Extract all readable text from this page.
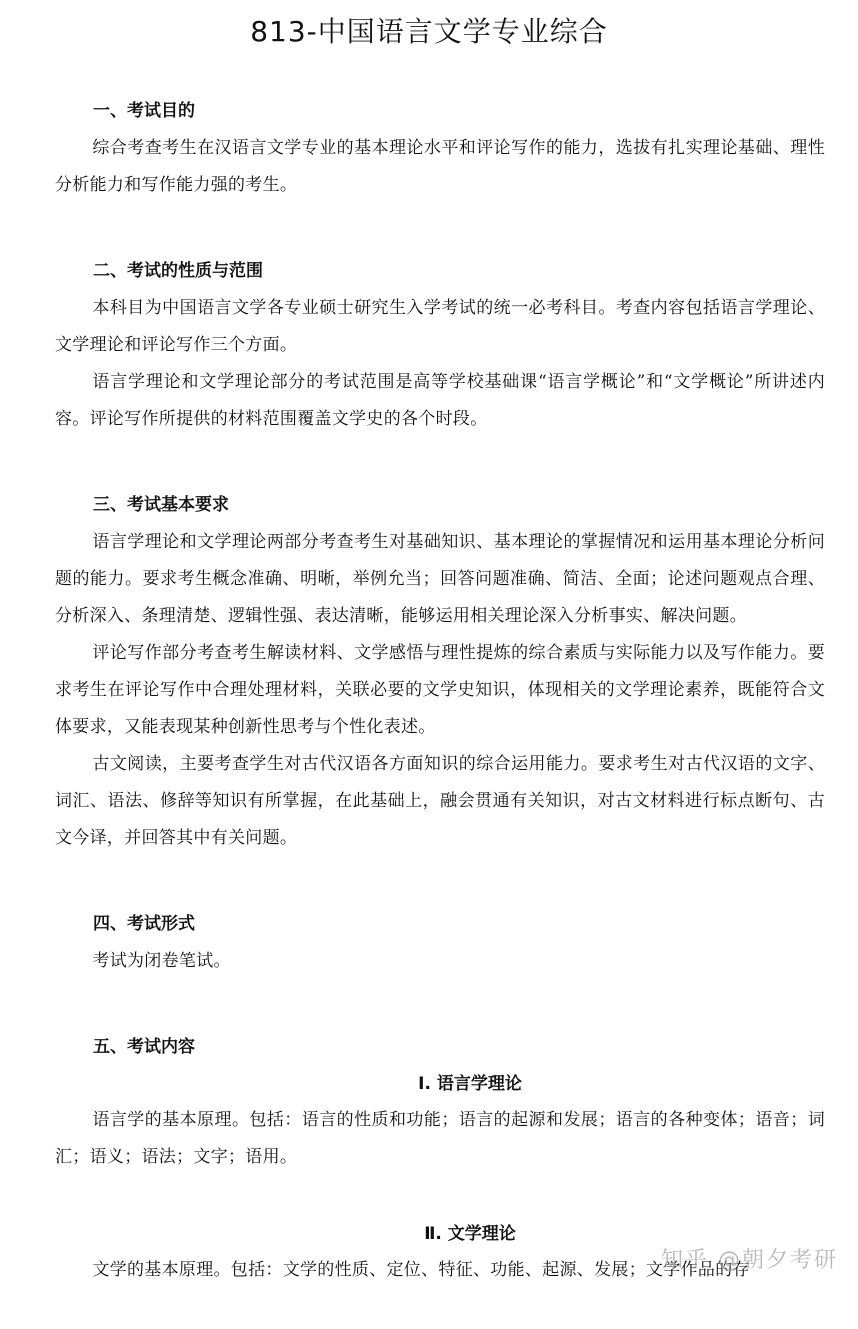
813-中国语言文学专业综合
一、考试目的

综合考查考生在汉语言文学专业的基本理论水平和评论写作的能力，选拔有扎实理论基础、理性分析能力和写作能力强的考生。

二、考试的性质与范围

本科目为中国语言文学各专业硕士研究生入学考试的统一必考科目。考查内容包括语言学理论、文学理论和评论写作三个方面。

语言学理论和文学理论部分的考试范围是高等学校基础课“语言学概论”和“文学概论”所讲述内容。评论写作所提供的材料范围覆盖文学史的各个时段。

三、考试基本要求

语言学理论和文学理论两部分考查考生对基础知识、基本理论的掌握情况和运用基本理论分析问题的能力。要求考生概念准确、明晰，举例允当；回答问题准确、简洁、全面；论述问题观点合理、分析深入、条理清楚、逻辑性强、表达清晰，能够运用相关理论深入分析事实、解决问题。

评论写作部分考查考生解读材料、文学感悟与理性提炼的综合素质与实际能力以及写作能力。要求考生在评论写作中合理处理材料，关联必要的文学史知识，体现相关的文学理论素养，既能符合文体要求，又能表现某种创新性思考与个性化表述。

古文阅读，主要考查学生对古代汉语各方面知识的综合运用能力。要求考生对古代汉语的文字、词汇、语法、修辞等知识有所掌握，在此基础上，融会贯通有关知识，对古文材料进行标点断句、古文今译，并回答其中有关问题。

四、考试形式

考试为闭卷笔试。

五、考试内容
Ⅰ. 语言学理论

语言学的基本原理。包括：语言的性质和功能；语言的起源和发展；语言的各种变体；语音；词汇；语义；语法；文字；语用。

Ⅱ. 文学理论

文学的基本原理。包括：文学的性质、定位、特征、功能、起源、发展；文学作品的存

知乎 @朝夕考研
